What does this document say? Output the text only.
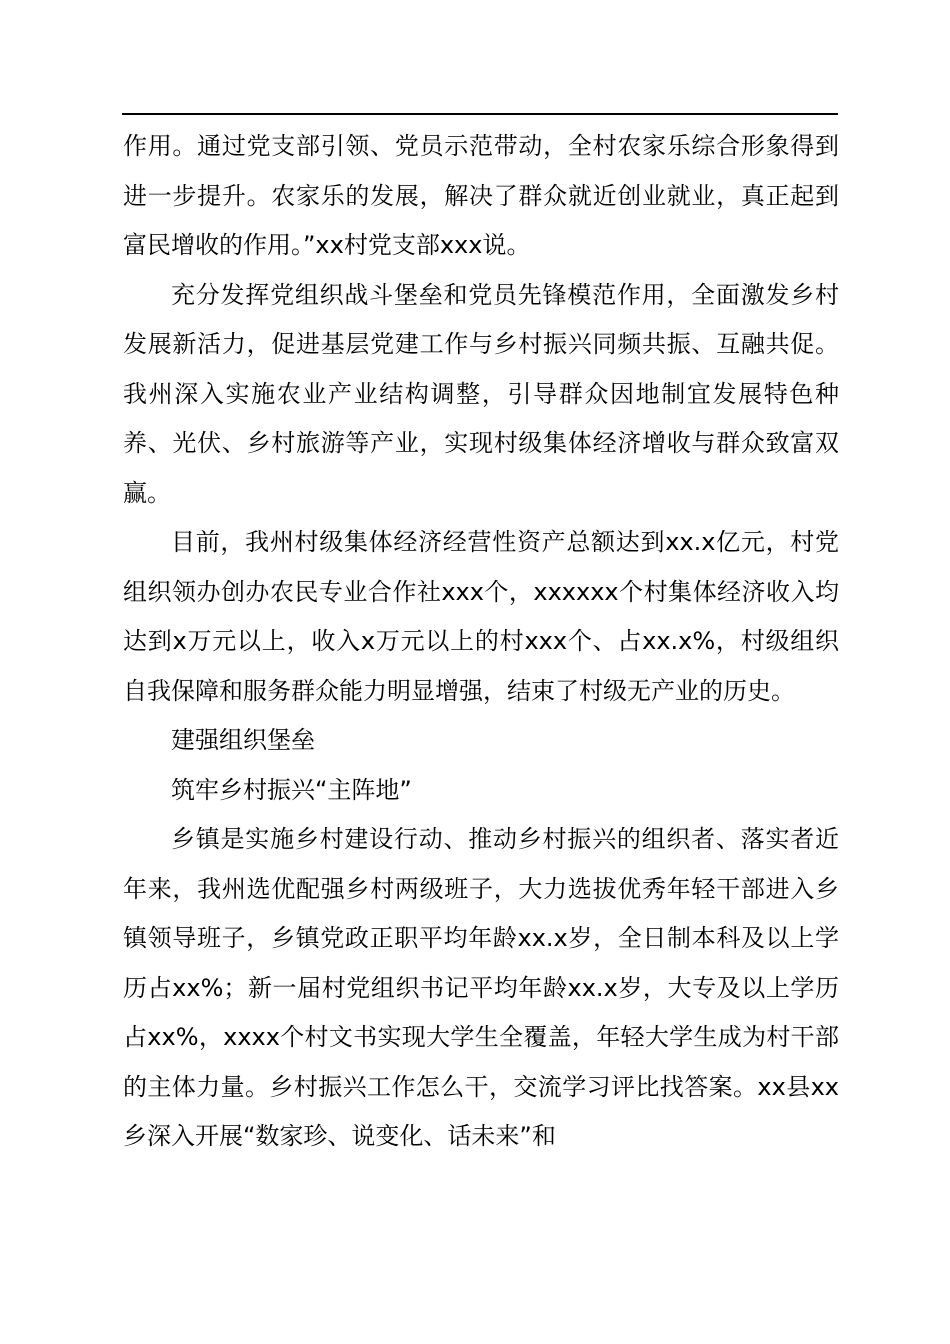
作用。通过党支部引领、党员示范带动，全村农家乐综合形象得到进一步提升。农家乐的发展，解决了群众就近创业就业，真正起到富民增收的作用。”xx村党支部xxx说。

充分发挥党组织战斗堡垒和党员先锋模范作用，全面激发乡村发展新活力，促进基层党建工作与乡村振兴同频共振、互融共促。我州深入实施农业产业结构调整，引导群众因地制宜发展特色种养、光伏、乡村旅游等产业，实现村级集体经济增收与群众致富双赢。

目前，我州村级集体经济经营性资产总额达到xx.x亿元，村党组织领办创办农民专业合作社xxx个，xxxxxx个村集体经济收入均达到x万元以上，收入x万元以上的村xxx个、占xx.x%，村级组织自我保障和服务群众能力明显增强，结束了村级无产业的历史。

建强组织堡垒

筑牢乡村振兴“主阵地”

乡镇是实施乡村建设行动、推动乡村振兴的组织者、落实者近年来，我州选优配强乡村两级班子，大力选拔优秀年轻干部进入乡镇领导班子，乡镇党政正职平均年龄xx.x岁，全日制本科及以上学历占xx%；新一届村党组织书记平均年龄xx.x岁，大专及以上学历占xx%，xxxx个村文书实现大学生全覆盖，年轻大学生成为村干部的主体力量。乡村振兴工作怎么干，交流学习评比找答案。xx县xx乡深入开展“数家珍、说变化、话未来”和
